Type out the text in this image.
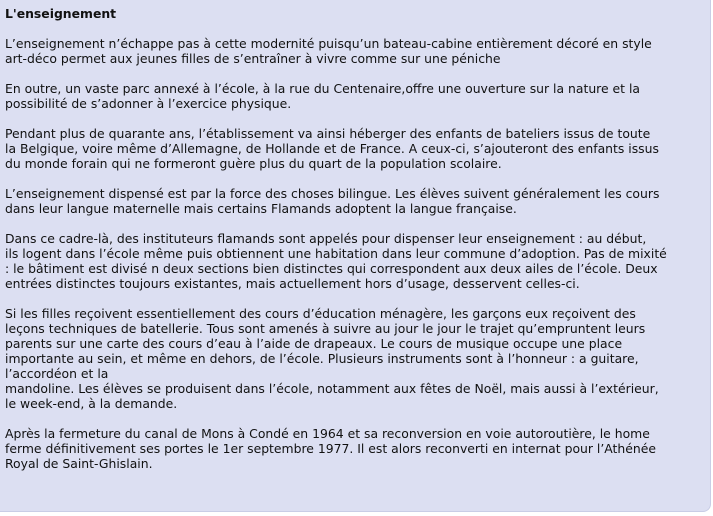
L'enseignement
L’enseignement n’échappe pas à cette modernité puisqu’un bateau-cabine entièrement décoré en style
art-déco permet aux jeunes filles de s’entraîner à vivre comme sur une péniche
En outre, un vaste parc annexé à l’école, à la rue du Centenaire,offre une ouverture sur la nature et la
possibilité de s’adonner à l’exercice physique.
Pendant plus de quarante ans, l’établissement va ainsi héberger des enfants de bateliers issus de toute
la Belgique, voire même d’Allemagne, de Hollande et de France. A ceux-ci, s’ajouteront des enfants issus
du monde forain qui ne formeront guère plus du quart de la population scolaire.
L’enseignement dispensé est par la force des choses bilingue. Les élèves suivent généralement les cours
dans leur langue maternelle mais certains Flamands adoptent la langue française.
Dans ce cadre-là, des instituteurs flamands sont appelés pour dispenser leur enseignement : au début,
ils logent dans l’école même puis obtiennent une habitation dans leur commune d’adoption. Pas de mixité
: le bâtiment est divisé n deux sections bien distinctes qui correspondent aux deux ailes de l’école. Deux
entrées distinctes toujours existantes, mais actuellement hors d’usage, desservent celles-ci.
Si les filles reçoivent essentiellement des cours d’éducation ménagère, les garçons eux reçoivent des
leçons techniques de batellerie. Tous sont amenés à suivre au jour le jour le trajet qu’empruntent leurs
parents sur une carte des cours d’eau à l’aide de drapeaux. Le cours de musique occupe une place
importante au sein, et même en dehors, de l’école. Plusieurs instruments sont à l’honneur : a guitare,
l’accordéon et la
mandoline. Les élèves se produisent dans l’école, notamment aux fêtes de Noël, mais aussi à l’extérieur,
le week-end, à la demande.
Après la fermeture du canal de Mons à Condé en 1964 et sa reconversion en voie autoroutière, le home
ferme définitivement ses portes le 1er septembre 1977. Il est alors reconverti en internat pour l’Athénée
Royal de Saint-Ghislain.
